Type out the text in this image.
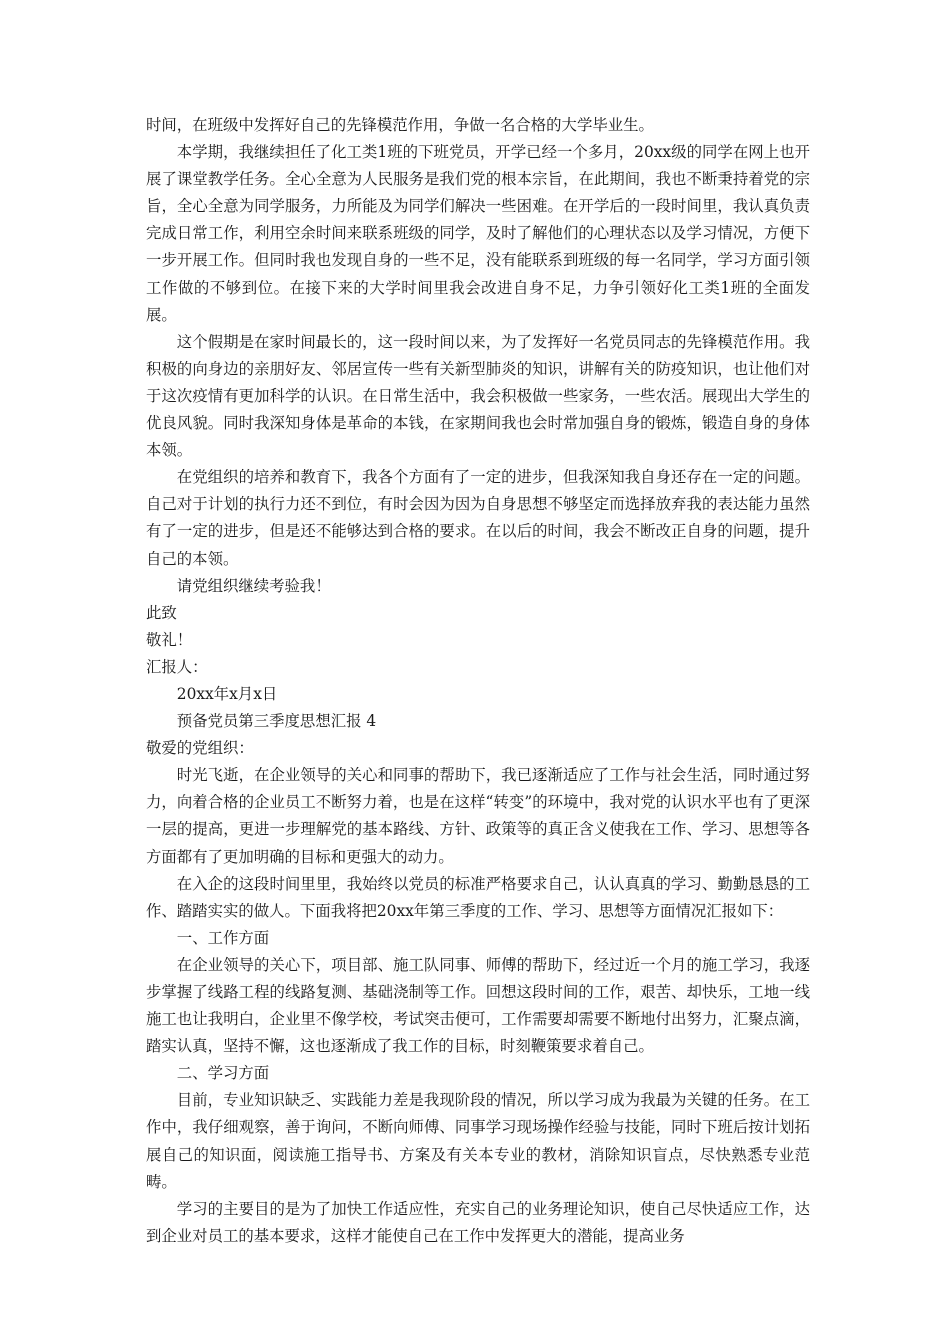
时间，在班级中发挥好自己的先锋模范作用，争做一名合格的大学毕业生。

本学期，我继续担任了化工类1班的下班党员，开学已经一个多月，20xx级的同学在网上也开展了课堂教学任务。全心全意为人民服务是我们党的根本宗旨，在此期间，我也不断秉持着党的宗旨，全心全意为同学服务，力所能及为同学们解决一些困难。在开学后的一段时间里，我认真负责完成日常工作，利用空余时间来联系班级的同学，及时了解他们的心理状态以及学习情况，方便下一步开展工作。但同时我也发现自身的一些不足，没有能联系到班级的每一名同学，学习方面引领工作做的不够到位。在接下来的大学时间里我会改进自身不足，力争引领好化工类1班的全面发展。

这个假期是在家时间最长的，这一段时间以来，为了发挥好一名党员同志的先锋模范作用。我积极的向身边的亲朋好友、邻居宣传一些有关新型肺炎的知识，讲解有关的防疫知识，也让他们对于这次疫情有更加科学的认识。在日常生活中，我会积极做一些家务，一些农活。展现出大学生的优良风貌。同时我深知身体是革命的本钱，在家期间我也会时常加强自身的锻炼，锻造自身的身体本领。

在党组织的培养和教育下，我各个方面有了一定的进步，但我深知我自身还存在一定的问题。自己对于计划的执行力还不到位，有时会因为因为自身思想不够坚定而选择放弃我的表达能力虽然有了一定的进步，但是还不能够达到合格的要求。在以后的时间，我会不断改正自身的问题，提升自己的本领。

请党组织继续考验我！

此致

敬礼！

汇报人：

20xx年x月x日

预备党员第三季度思想汇报 4

敬爱的党组织：

时光飞逝，在企业领导的关心和同事的帮助下，我已逐渐适应了工作与社会生活，同时通过努力，向着合格的企业员工不断努力着，也是在这样“转变”的环境中，我对党的认识水平也有了更深一层的提高，更进一步理解党的基本路线、方针、政策等的真正含义使我在工作、学习、思想等各方面都有了更加明确的目标和更强大的动力。

在入企的这段时间里里，我始终以党员的标准严格要求自己，认认真真的学习、勤勤恳恳的工作、踏踏实实的做人。下面我将把20xx年第三季度的工作、学习、思想等方面情况汇报如下：

一、工作方面

在企业领导的关心下，项目部、施工队同事、师傅的帮助下，经过近一个月的施工学习，我逐步掌握了线路工程的线路复测、基础浇制等工作。回想这段时间的工作，艰苦、却快乐，工地一线施工也让我明白，企业里不像学校，考试突击便可，工作需要却需要不断地付出努力，汇聚点滴，踏实认真，坚持不懈，这也逐渐成了我工作的目标，时刻鞭策要求着自己。

二、学习方面

目前，专业知识缺乏、实践能力差是我现阶段的情况，所以学习成为我最为关键的任务。在工作中，我仔细观察，善于询问，不断向师傅、同事学习现场操作经验与技能，同时下班后按计划拓展自己的知识面，阅读施工指导书、方案及有关本专业的教材，消除知识盲点，尽快熟悉专业范畴。

学习的主要目的是为了加快工作适应性，充实自己的业务理论知识，使自己尽快适应工作，达到企业对员工的基本要求，这样才能使自己在工作中发挥更大的潜能，提高业务
